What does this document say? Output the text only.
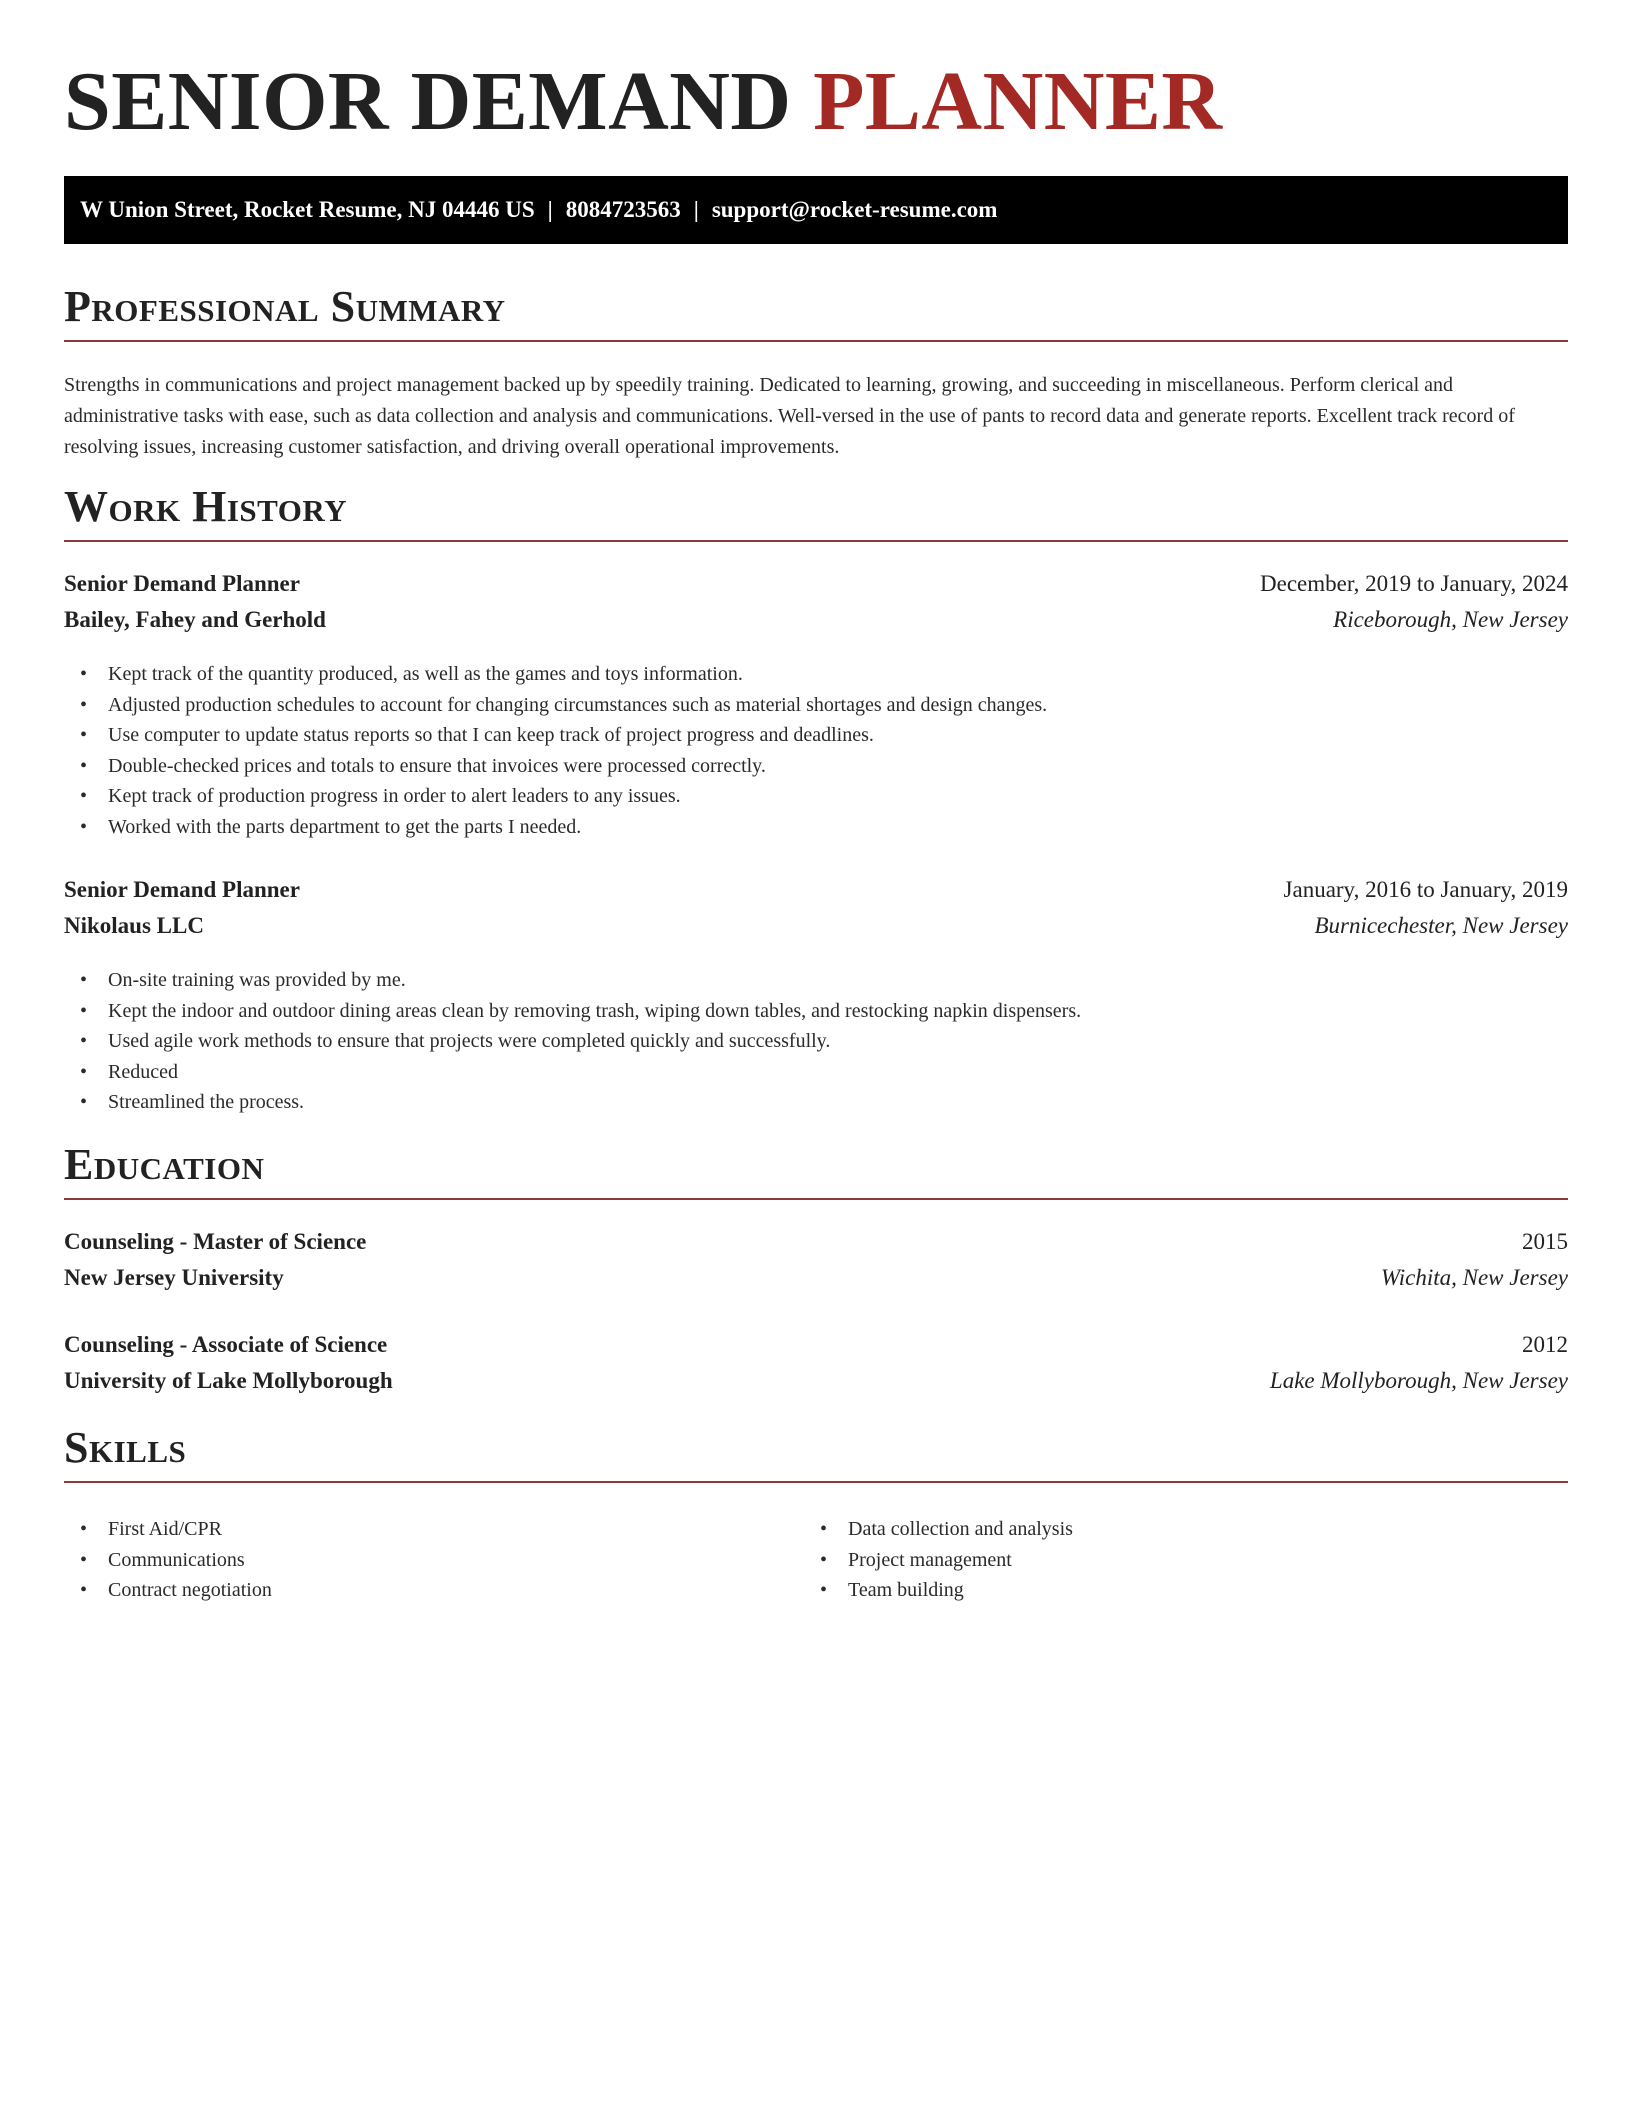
SENIOR DEMAND PLANNER
W Union Street, Rocket Resume, NJ 04446 US | 8084723563 | support@rocket-resume.com
Professional Summary

Strengths in communications and project management backed up by speedily training. Dedicated to learning, growing, and succeeding in miscellaneous. Perform clerical and administrative tasks with ease, such as data collection and analysis and communications. Well-versed in the use of pants to record data and generate reports. Excellent track record of resolving issues, increasing customer satisfaction, and driving overall operational improvements.

Work History
Senior Demand Planner	December, 2019 to January, 2024
Bailey, Fahey and Gerhold	Riceborough, New Jersey
• Kept track of the quantity produced, as well as the games and toys information.
• Adjusted production schedules to account for changing circumstances such as material shortages and design changes.
• Use computer to update status reports so that I can keep track of project progress and deadlines.
• Double-checked prices and totals to ensure that invoices were processed correctly.
• Kept track of production progress in order to alert leaders to any issues.
• Worked with the parts department to get the parts I needed.
Senior Demand Planner	January, 2016 to January, 2019
Nikolaus LLC	Burnicechester, New Jersey
• On-site training was provided by me.
• Kept the indoor and outdoor dining areas clean by removing trash, wiping down tables, and restocking napkin dispensers.
• Used agile work methods to ensure that projects were completed quickly and successfully.
• Reduced
• Streamlined the process.
Education
Counseling - Master of Science	2015
New Jersey University	Wichita, New Jersey
Counseling - Associate of Science	2012
University of Lake Mollyborough	Lake Mollyborough, New Jersey
Skills
• First Aid/CPR
• Communications
• Contract negotiation
• Data collection and analysis
• Project management
• Team building
